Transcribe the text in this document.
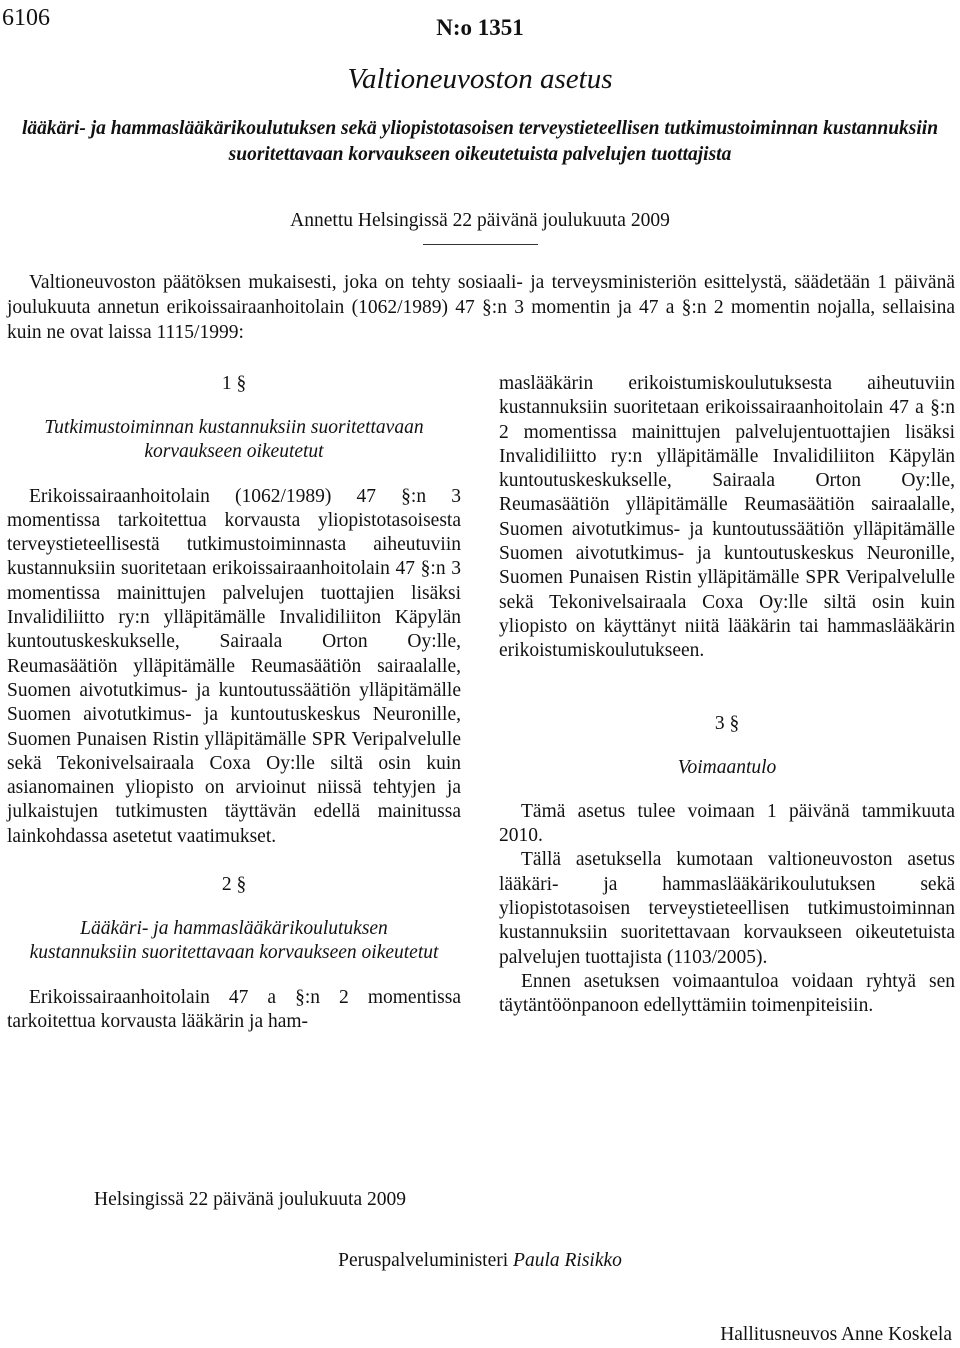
6106	N:o 1351
Valtioneuvoston asetus
lääkäri- ja hammaslääkärikoulutuksen sekä yliopistotasoisen terveystieteellisen tutkimustoiminnan kustannuksiin suoritettavaan korvaukseen oikeutetuista palvelujen tuottajista
Annettu Helsingissä 22 päivänä joulukuuta 2009
Valtioneuvoston päätöksen mukaisesti, joka on tehty sosiaali- ja terveysministeriön esittelystä, säädetään 1 päivänä joulukuuta annetun erikoissairaanhoitolain (1062/1989) 47 §:n 3 momentin ja 47 a §:n 2 momentin nojalla, sellaisina kuin ne ovat laissa 1115/1999:
1 §
Tutkimustoiminnan kustannuksiin suoritettavaan korvaukseen oikeutetut
Erikoissairaanhoitolain (1062/1989) 47 §:n 3 momentissa tarkoitettua korvausta yliopistotasoisesta terveystieteellisestä tutkimustoiminnasta aiheutuviin kustannuksiin suoritetaan erikoissairaanhoitolain 47 §:n 3 momentissa mainittujen palvelujen tuottajien lisäksi Invalidiliitto ry:n ylläpitämälle Invalidiliiton Käpylän kuntoutuskeskukselle, Sairaala Orton Oy:lle, Reumasäätiön ylläpitämälle Reumasäätiön sairaalalle, Suomen aivotutkimus- ja kuntoutussäätiön ylläpitämälle Suomen aivotutkimus- ja kuntoutuskeskus Neuronille, Suomen Punaisen Ristin ylläpitämälle SPR Veripalvelulle sekä Tekonivelsairaala Coxa Oy:lle siltä osin kuin asianomainen yliopisto on arvioinut niissä tehtyjen ja julkaistujen tutkimusten täyttävän edellä mainitussa lainkohdassa asetetut vaatimukset.
2 §
Lääkäri- ja hammaslääkärikoulutuksen kustannuksiin suoritettavaan korvaukseen oikeutetut
Erikoissairaanhoitolain 47 a §:n 2 momentissa tarkoitettua korvausta lääkärin ja ham-
maslääkärin erikoistumiskoulutuksesta aiheutuviin kustannuksiin suoritetaan erikoissairaanhoitolain 47 a §:n 2 momentissa mainittujen palvelujentuottajien lisäksi Invalidiliitto ry:n ylläpitämälle Invalidiliiton Käpylän kuntoutuskeskukselle, Sairaala Orton Oy:lle, Reumasäätiön ylläpitämälle Reumasäätiön sairaalalle, Suomen aivotutkimus- ja kuntoutussäätiön ylläpitämälle Suomen aivotutkimus- ja kuntoutuskeskus Neuronille, Suomen Punaisen Ristin ylläpitämälle SPR Veripalvelulle sekä Tekonivelsairaala Coxa Oy:lle siltä osin kuin yliopisto on käyttänyt niitä lääkärin tai hammaslääkärin erikoistumiskoulutukseen.
3 §
Voimaantulo
Tämä asetus tulee voimaan 1 päivänä tammikuuta 2010.
Tällä asetuksella kumotaan valtioneuvoston asetus lääkäri- ja hammaslääkärikoulutuksen sekä yliopistotasoisen terveystieteellisen tutkimustoiminnan kustannuksiin suoritettavaan korvaukseen oikeutetuista palvelujen tuottajista (1103/2005).
Ennen asetuksen voimaantuloa voidaan ryhtyä sen täytäntöönpanoon edellyttämiin toimenpiteisiin.
Helsingissä 22 päivänä joulukuuta 2009
Peruspalveluministeri Paula Risikko
Hallitusneuvos Anne Koskela
